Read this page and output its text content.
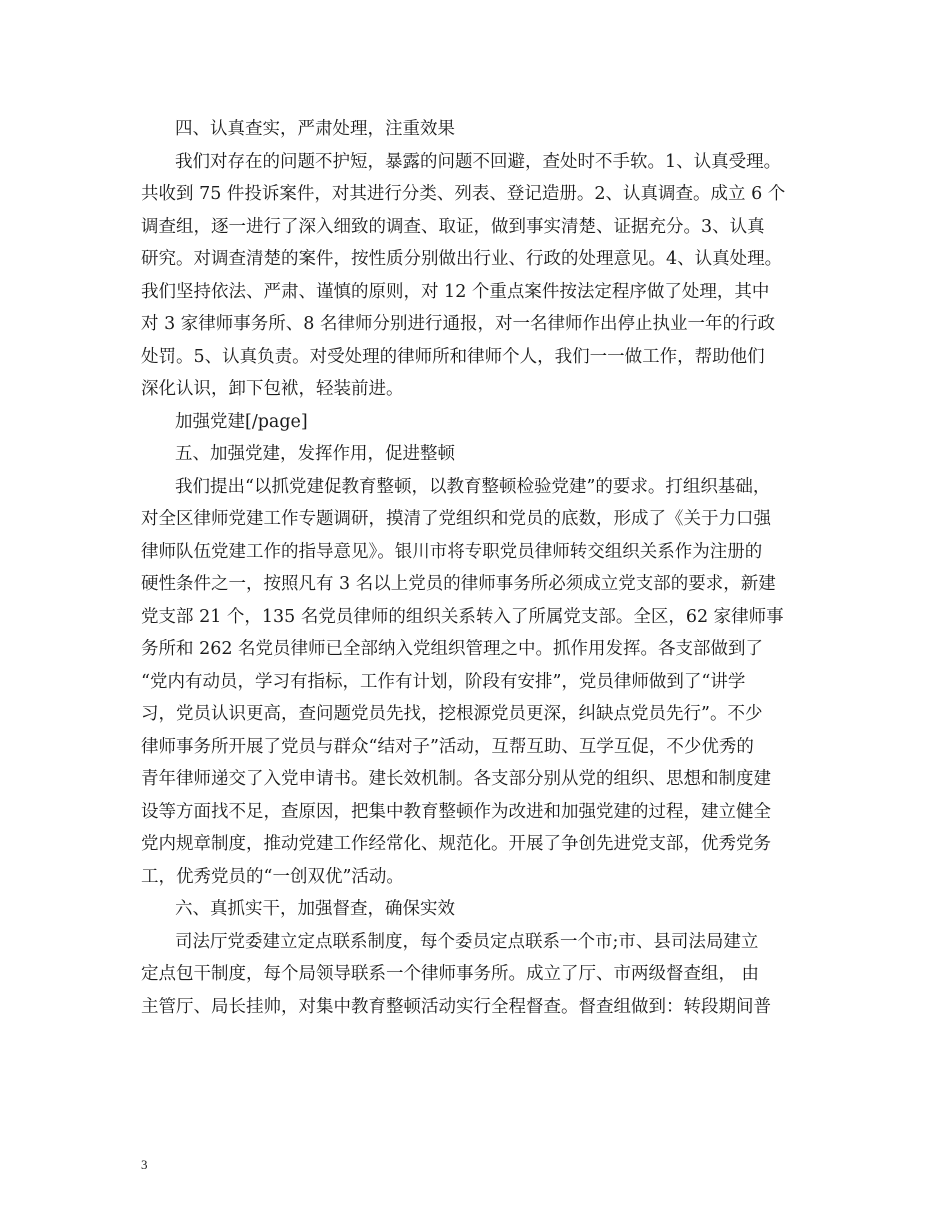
四、认真查实，严肃处理，注重效果
我们对存在的问题不护短，暴露的问题不回避，查处时不手软。1、认真受理。
共收到 75 件投诉案件，对其进行分类、列表、登记造册。2、认真调查。成立 6 个
调查组，逐一进行了深入细致的调查、取证，做到事实清楚、证据充分。3、认真
研究。对调查清楚的案件，按性质分别做出行业、行政的处理意见。4、认真处理。
我们坚持依法、严肃、谨慎的原则，对 12 个重点案件按法定程序做了处理，其中
对 3 家律师事务所、8 名律师分别进行通报，对一名律师作出停止执业一年的行政
处罚。5、认真负责。对受处理的律师所和律师个人，我们一一做工作，帮助他们
深化认识，卸下包袱，轻装前进。
加强党建[/page]
五、加强党建，发挥作用，促进整顿
我们提出“以抓党建促教育整顿，以教育整顿检验党建”的要求。打组织基础，
对全区律师党建工作专题调研，摸清了党组织和党员的底数，形成了《关于力口强
律师队伍党建工作的指导意见》。银川市将专职党员律师转交组织关系作为注册的
硬性条件之一，按照凡有 3 名以上党员的律师事务所必须成立党支部的要求，新建
党支部 21 个，135 名党员律师的组织关系转入了所属党支部。全区，62 家律师事
务所和 262 名党员律师已全部纳入党组织管理之中。抓作用发挥。各支部做到了
“党内有动员，学习有指标，工作有计划，阶段有安排”，党员律师做到了“讲学
习，党员认识更高，查问题党员先找，挖根源党员更深，纠缺点党员先行”。不少
律师事务所开展了党员与群众“结对子”活动，互帮互助、互学互促，不少优秀的
青年律师递交了入党申请书。建长效机制。各支部分别从党的组织、思想和制度建
设等方面找不足，查原因，把集中教育整顿作为改进和加强党建的过程，建立健全
党内规章制度，推动党建工作经常化、规范化。开展了争创先进党支部，优秀党务
工，优秀党员的“一创双优”活动。
六、真抓实干，加强督查，确保实效
司法厅党委建立定点联系制度，每个委员定点联系一个市;市、县司法局建立
定点包干制度，每个局领导联系一个律师事务所。成立了厅、市两级督查组， 由
主管厅、局长挂帅，对集中教育整顿活动实行全程督查。督查组做到：转段期间普
3
